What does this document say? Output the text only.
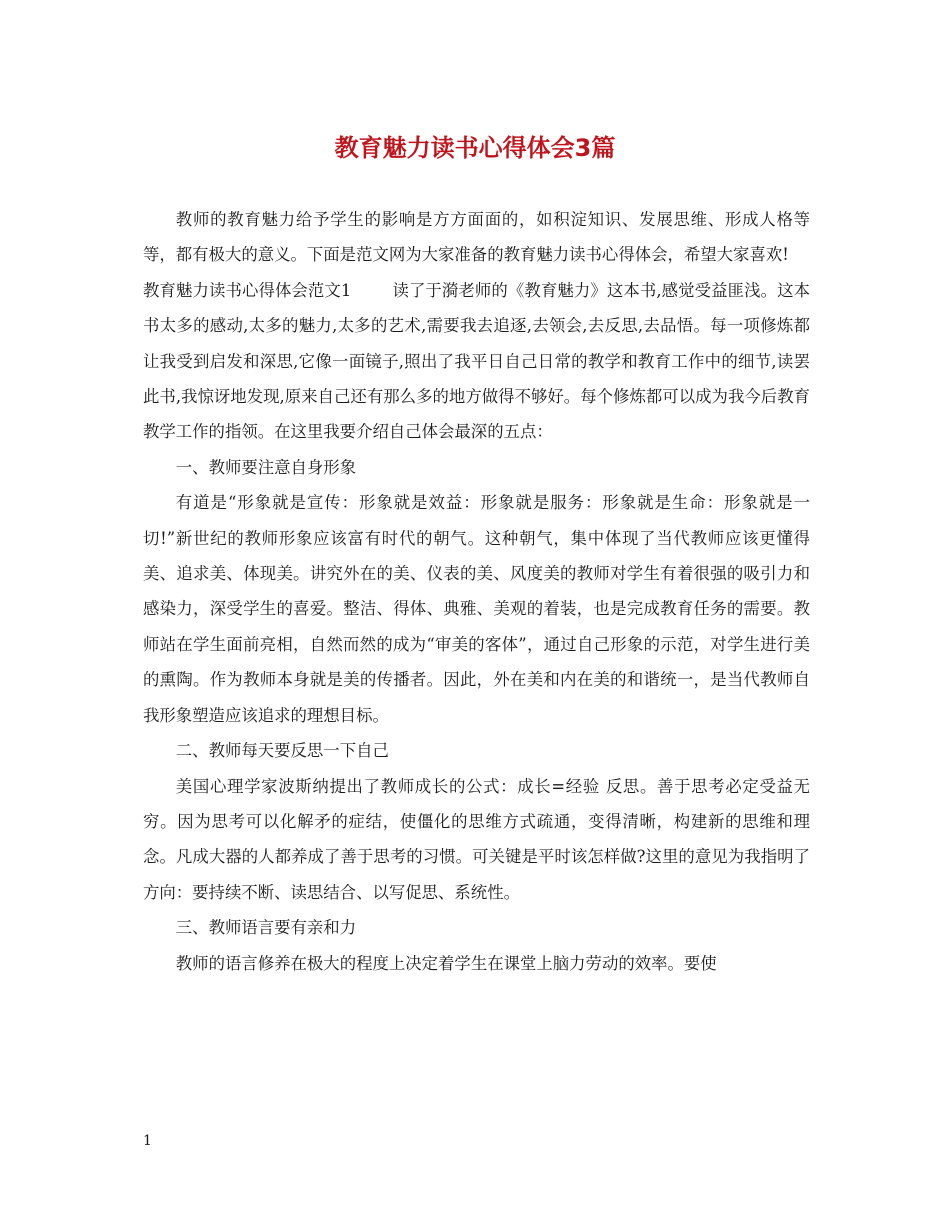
教育魅力读书心得体会3篇

教师的教育魅力给予学生的影响是方方面面的，如积淀知识、发展思维、形成人格等等，都有极大的意义。下面是范文网为大家准备的教育魅力读书心得体会，希望大家喜欢!

教育魅力读书心得体会范文1	读了于漪老师的《教育魅力》这本书,感觉受益匪浅。这本书太多的感动,太多的魅力,太多的艺术,需要我去追逐,去领会,去反思,去品悟。每一项修炼都让我受到启发和深思,它像一面镜子,照出了我平日自己日常的教学和教育工作中的细节,读罢此书,我惊讶地发现,原来自己还有那么多的地方做得不够好。每个修炼都可以成为我今后教育教学工作的指领。在这里我要介绍自己体会最深的五点：

一、教师要注意自身形象

有道是“形象就是宣传：形象就是效益：形象就是服务：形象就是生命：形象就是一切!”新世纪的教师形象应该富有时代的朝气。这种朝气，集中体现了当代教师应该更懂得美、追求美、体现美。讲究外在的美、仪表的美、风度美的教师对学生有着很强的吸引力和感染力，深受学生的喜爱。整洁、得体、典雅、美观的着装，也是完成教育任务的需要。教师站在学生面前亮相，自然而然的成为“审美的客体”，通过自己形象的示范，对学生进行美的熏陶。作为教师本身就是美的传播者。因此，外在美和内在美的和谐统一，是当代教师自我形象塑造应该追求的理想目标。

二、教师每天要反思一下自己

美国心理学家波斯纳提出了教师成长的公式：成长=经验 反思。善于思考必定受益无穷。因为思考可以化解矛的症结，使僵化的思维方式疏通，变得清晰，构建新的思维和理念。凡成大器的人都养成了善于思考的习惯。可关键是平时该怎样做?这里的意见为我指明了方向：要持续不断、读思结合、以写促思、系统性。

三、教师语言要有亲和力

教师的语言修养在极大的程度上决定着学生在课堂上脑力劳动的效率。要使

1
